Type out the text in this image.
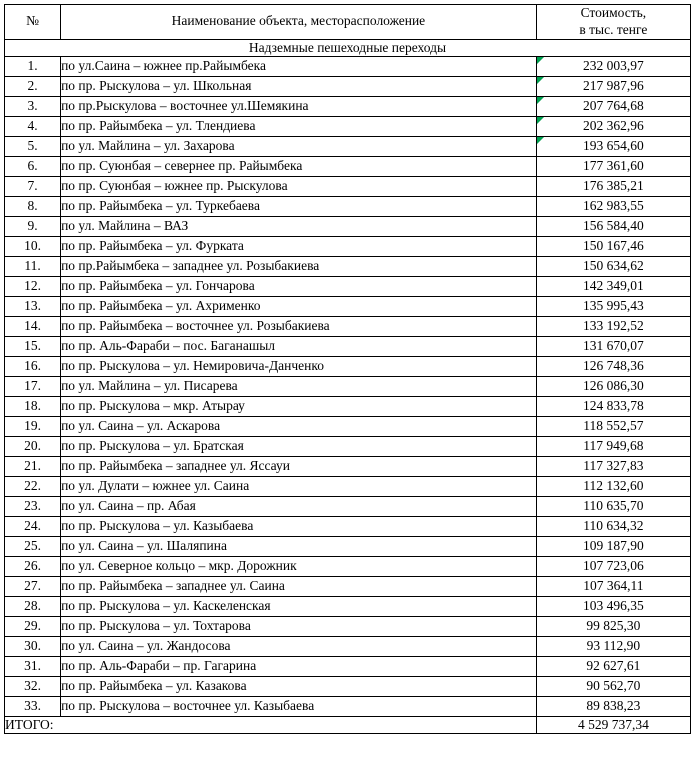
№	Наименование объекта, месторасположение	Стоимость,
в тыс. тенге
Надземные пешеходные переходы		
1.	по ул.Саина – южнее пр.Райымбека	232 003,97

2.	по пр. Рыскулова – ул. Школьная	217 987,96

3.	по пр.Рыскулова – восточнее ул.Шемякина	207 764,68

4.	по пр. Райымбека – ул. Тлендиева	202 362,96

5.	по ул. Майлина – ул. Захарова	193 654,60

6.	по пр. Суюнбая – севернее пр. Райымбека	177 361,60
7.	по пр. Суюнбая – южнее пр. Рыскулова	176 385,21
8.	по пр. Райымбека – ул. Туркебаева	162 983,55
9.	по ул. Майлина – ВАЗ	156 584,40
10.	по пр. Райымбека – ул. Фурката	150 167,46
11.	по пр.Райымбека – западнее ул. Розыбакиева	150 634,62
12.	по пр. Райымбека – ул. Гончарова	142 349,01
13.	по пр. Райымбека – ул. Ахрименко	135 995,43
14.	по пр. Райымбека – восточнее ул. Розыбакиева	133 192,52
15.	по пр. Аль-Фараби – пос. Баганашыл	131 670,07
16.	по пр. Рыскулова – ул. Немировича-Данченко	126 748,36
17.	по ул. Майлина – ул. Писарева	126 086,30
18.	по пр. Рыскулова – мкр. Атырау	124 833,78
19.	по ул. Саина – ул. Аскарова	118 552,57
20.	по пр. Рыскулова – ул. Братская	117 949,68
21.	по пр. Райымбека – западнее ул. Яссауи	117 327,83
22.	по ул. Дулати – южнее ул. Саина	112 132,60
23.	по ул. Саина – пр. Абая	110 635,70
24.	по пр. Рыскулова – ул. Казыбаева	110 634,32
25.	по ул. Саина – ул. Шаляпина	109 187,90
26.	по ул. Северное кольцо – мкр. Дорожник	107 723,06
27.	по пр. Райымбека – западнее ул. Саина	107 364,11
28.	по пр. Рыскулова – ул. Каскеленская	103 496,35
29.	по пр. Рыскулова – ул. Тохтарова	99 825,30
30.	по ул. Саина – ул. Жандосова	93 112,90
31.	по пр. Аль-Фараби – пр. Гагарина	92 627,61
32.	по пр. Райымбека – ул. Казакова	90 562,70
33.	по пр. Рыскулова – восточнее ул. Казыбаева	89 838,23
ИТОГО:		4 529 737,34
